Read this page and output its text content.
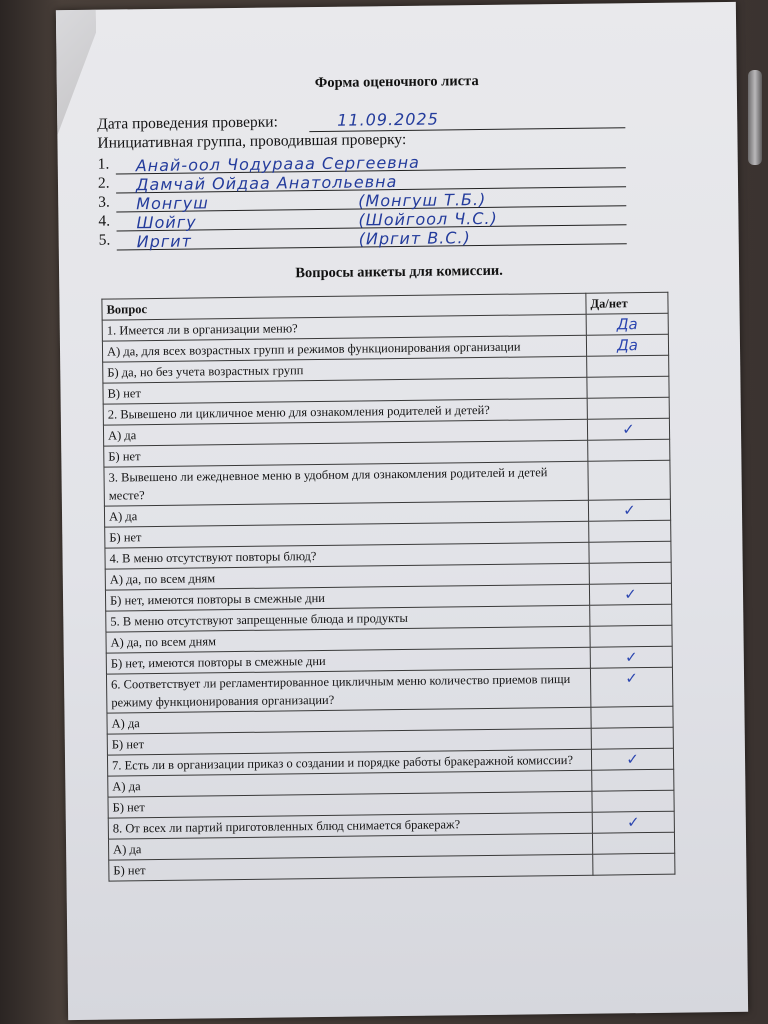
Форма оценочного листа
Дата проведения проверки:	11.09.2025
Инициативная группа, проводившая проверку:
1. Анай-оол Чодурааа Сергеевна
2. Дамчай Ойдаа Анатольевна
3. Монгуш	(Монгуш Т.Б.)
4. Шойгу	(Шойгоол Ч.С.)
5. Иргит	(Иргит В.С.)
Вопросы анкеты для комиссии.
Вопрос	Да/нет
1. Имеется ли в организации меню?	Да
А) да, для всех возрастных групп и режимов функционирования организации	Да
Б) да, но без учета возрастных групп	
В) нет	
2. Вывешено ли цикличное меню для ознакомления родителей и детей?	
А) да	✓
Б) нет	
3. Вывешено ли ежедневное меню в удобном для ознакомления родителей и детей месте?	
А) да	✓
Б) нет	
4. В меню отсутствуют повторы блюд?	
А) да, по всем дням	
Б) нет, имеются повторы в смежные дни	✓
5. В меню отсутствуют запрещенные блюда и продукты	
А) да, по всем дням	
Б) нет, имеются повторы в смежные дни	✓
6. Соответствует ли регламентированное цикличным меню количество приемов пищи режиму функционирования организации?	✓
А) да	
Б) нет	
7. Есть ли в организации приказ о создании и порядке работы бракеражной комиссии?	✓
А) да	
Б) нет	
8. От всех ли партий приготовленных блюд снимается бракераж?	✓
А) да	
Б) нет	
